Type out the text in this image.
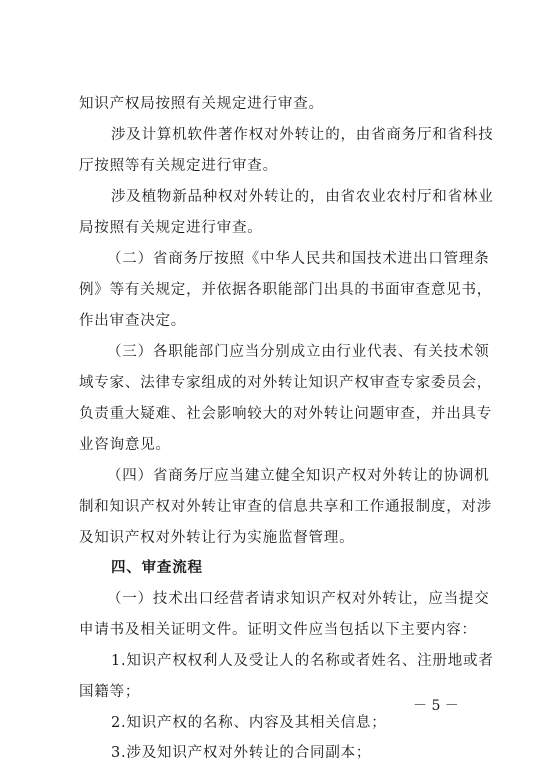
知识产权局按照有关规定进行审查。

涉及计算机软件著作权对外转让的，由省商务厅和省科技

厅按照等有关规定进行审查。

涉及植物新品种权对外转让的，由省农业农村厅和省林业

局按照有关规定进行审查。

（二）省商务厅按照《中华人民共和国技术进出口管理条

例》等有关规定，并依据各职能部门出具的书面审查意见书，

作出审查决定。

（三）各职能部门应当分别成立由行业代表、有关技术领

域专家、法律专家组成的对外转让知识产权审查专家委员会，

负责重大疑难、社会影响较大的对外转让问题审查，并出具专

业咨询意见。

（四）省商务厅应当建立健全知识产权对外转让的协调机

制和知识产权对外转让审查的信息共享和工作通报制度，对涉

及知识产权对外转让行为实施监督管理。

四、审查流程

（一）技术出口经营者请求知识产权对外转让，应当提交

申请书及相关证明文件。证明文件应当包括以下主要内容：

1.知识产权权利人及受让人的名称或者姓名、注册地或者

国籍等；

2.知识产权的名称、内容及其相关信息；

3.涉及知识产权对外转让的合同副本；

－ 5 －
